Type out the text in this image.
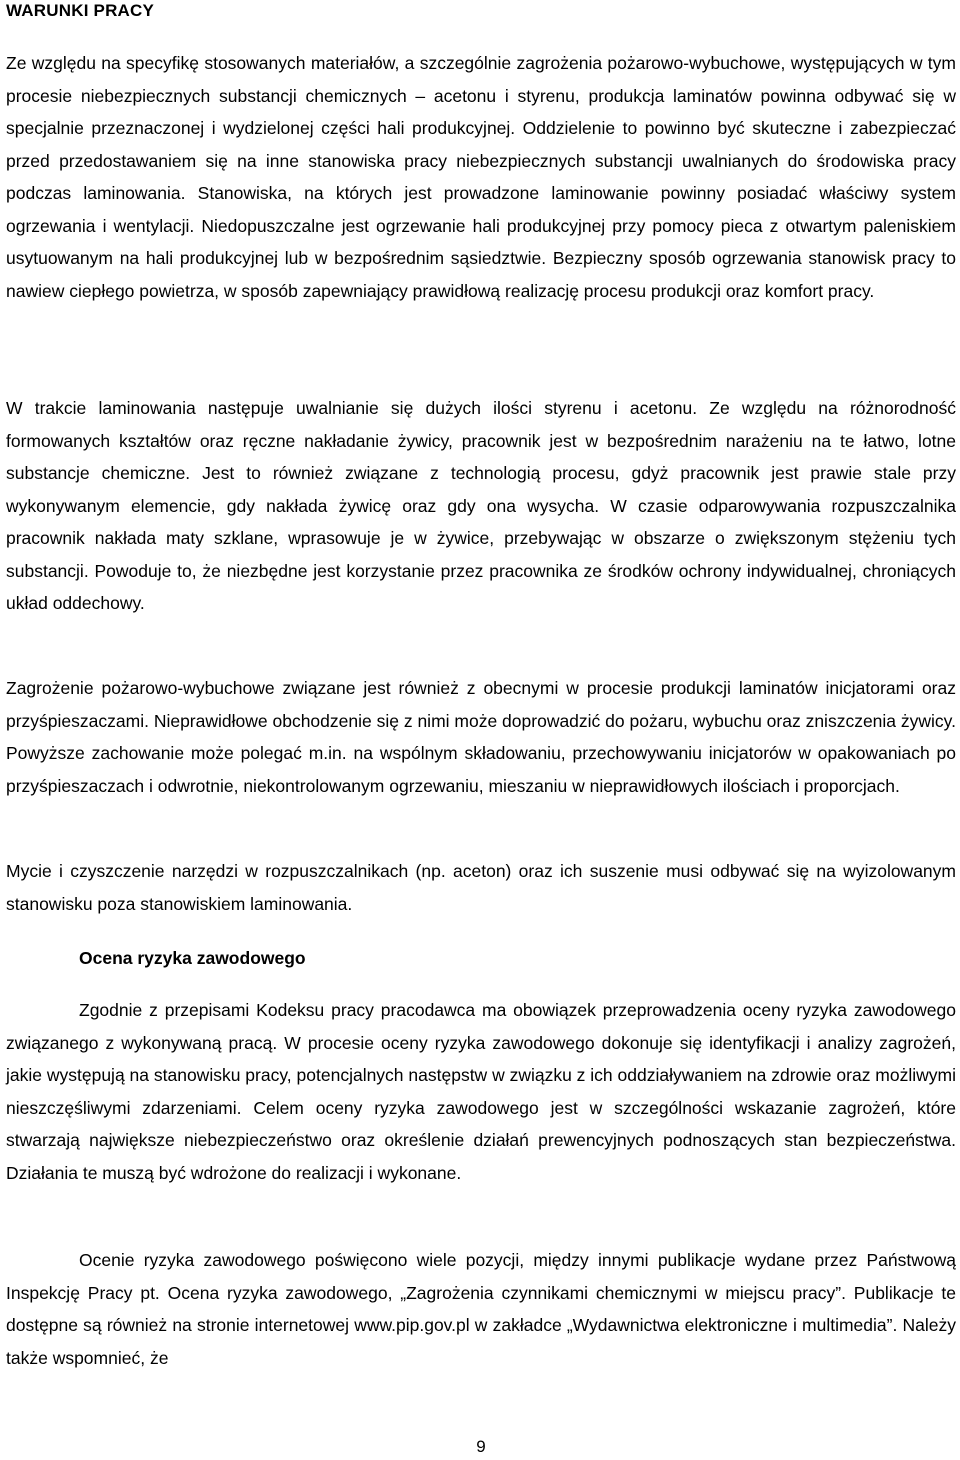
WARUNKI PRACY

Ze względu na specyfikę stosowanych materiałów, a szczególnie zagrożenia pożarowo-wybuchowe, występujących w tym procesie niebezpiecznych substancji chemicznych – acetonu i styrenu, produkcja laminatów powinna odbywać się w specjalnie przeznaczonej i wydzielonej części hali produkcyjnej. Oddzielenie to powinno być skuteczne i zabezpieczać przed przedostawaniem się na inne stanowiska pracy niebezpiecznych substancji uwalnianych do środowiska pracy podczas laminowania. Stanowiska, na których jest prowadzone laminowanie powinny posiadać właściwy system ogrzewania i wentylacji. Niedopuszczalne jest ogrzewanie hali produkcyjnej przy pomocy pieca z otwartym paleniskiem usytuowanym na hali produkcyjnej lub w bezpośrednim sąsiedztwie. Bezpieczny sposób ogrzewania stanowisk pracy to nawiew ciepłego powietrza, w sposób zapewniający prawidłową realizację procesu produkcji oraz komfort pracy.

W trakcie laminowania następuje uwalnianie się dużych ilości styrenu i acetonu. Ze względu na różnorodność formowanych kształtów oraz ręczne nakładanie żywicy, pracownik jest w bezpośrednim narażeniu na te łatwo, lotne substancje chemiczne. Jest to również związane z technologią procesu, gdyż pracownik jest prawie stale przy wykonywanym elemencie, gdy nakłada żywicę oraz gdy ona wysycha. W czasie odparowywania rozpuszczalnika pracownik nakłada maty szklane, wprasowuje je w żywice, przebywając w obszarze o zwiększonym stężeniu tych substancji. Powoduje to, że niezbędne jest korzystanie przez pracownika ze środków ochrony indywidualnej, chroniących układ oddechowy.

Zagrożenie pożarowo-wybuchowe związane jest również z obecnymi w procesie produkcji laminatów inicjatorami oraz przyśpieszaczami. Nieprawidłowe obchodzenie się z nimi może doprowadzić do pożaru, wybuchu oraz zniszczenia żywicy. Powyższe zachowanie może polegać m.in. na wspólnym składowaniu, przechowywaniu inicjatorów w opakowaniach po przyśpieszaczach i odwrotnie, niekontrolowanym ogrzewaniu, mieszaniu w nieprawidłowych ilościach i proporcjach.

Mycie i czyszczenie narzędzi w rozpuszczalnikach (np. aceton) oraz ich suszenie musi odbywać się na wyizolowanym stanowisku poza stanowiskiem laminowania.

Ocena ryzyka zawodowego

Zgodnie z przepisami Kodeksu pracy pracodawca ma obowiązek przeprowadzenia oceny ryzyka zawodowego związanego z wykonywaną pracą. W procesie oceny ryzyka zawodowego dokonuje się identyfikacji i analizy zagrożeń, jakie występują na stanowisku pracy, potencjalnych następstw w związku z ich oddziaływaniem na zdrowie oraz możliwymi nieszczęśliwymi zdarzeniami. Celem oceny ryzyka zawodowego jest w szczególności wskazanie zagrożeń, które stwarzają największe niebezpieczeństwo oraz określenie działań prewencyjnych podnoszących stan bezpieczeństwa. Działania te muszą być wdrożone do realizacji i wykonane.

Ocenie ryzyka zawodowego poświęcono wiele pozycji, między innymi publikacje wydane przez Państwową Inspekcję Pracy pt. Ocena ryzyka zawodowego, „Zagrożenia czynnikami chemicznymi w miejscu pracy”. Publikacje te dostępne są również na stronie internetowej www.pip.gov.pl w zakładce „Wydawnictwa elektroniczne i multimedia”. Należy także wspomnieć, że

9
